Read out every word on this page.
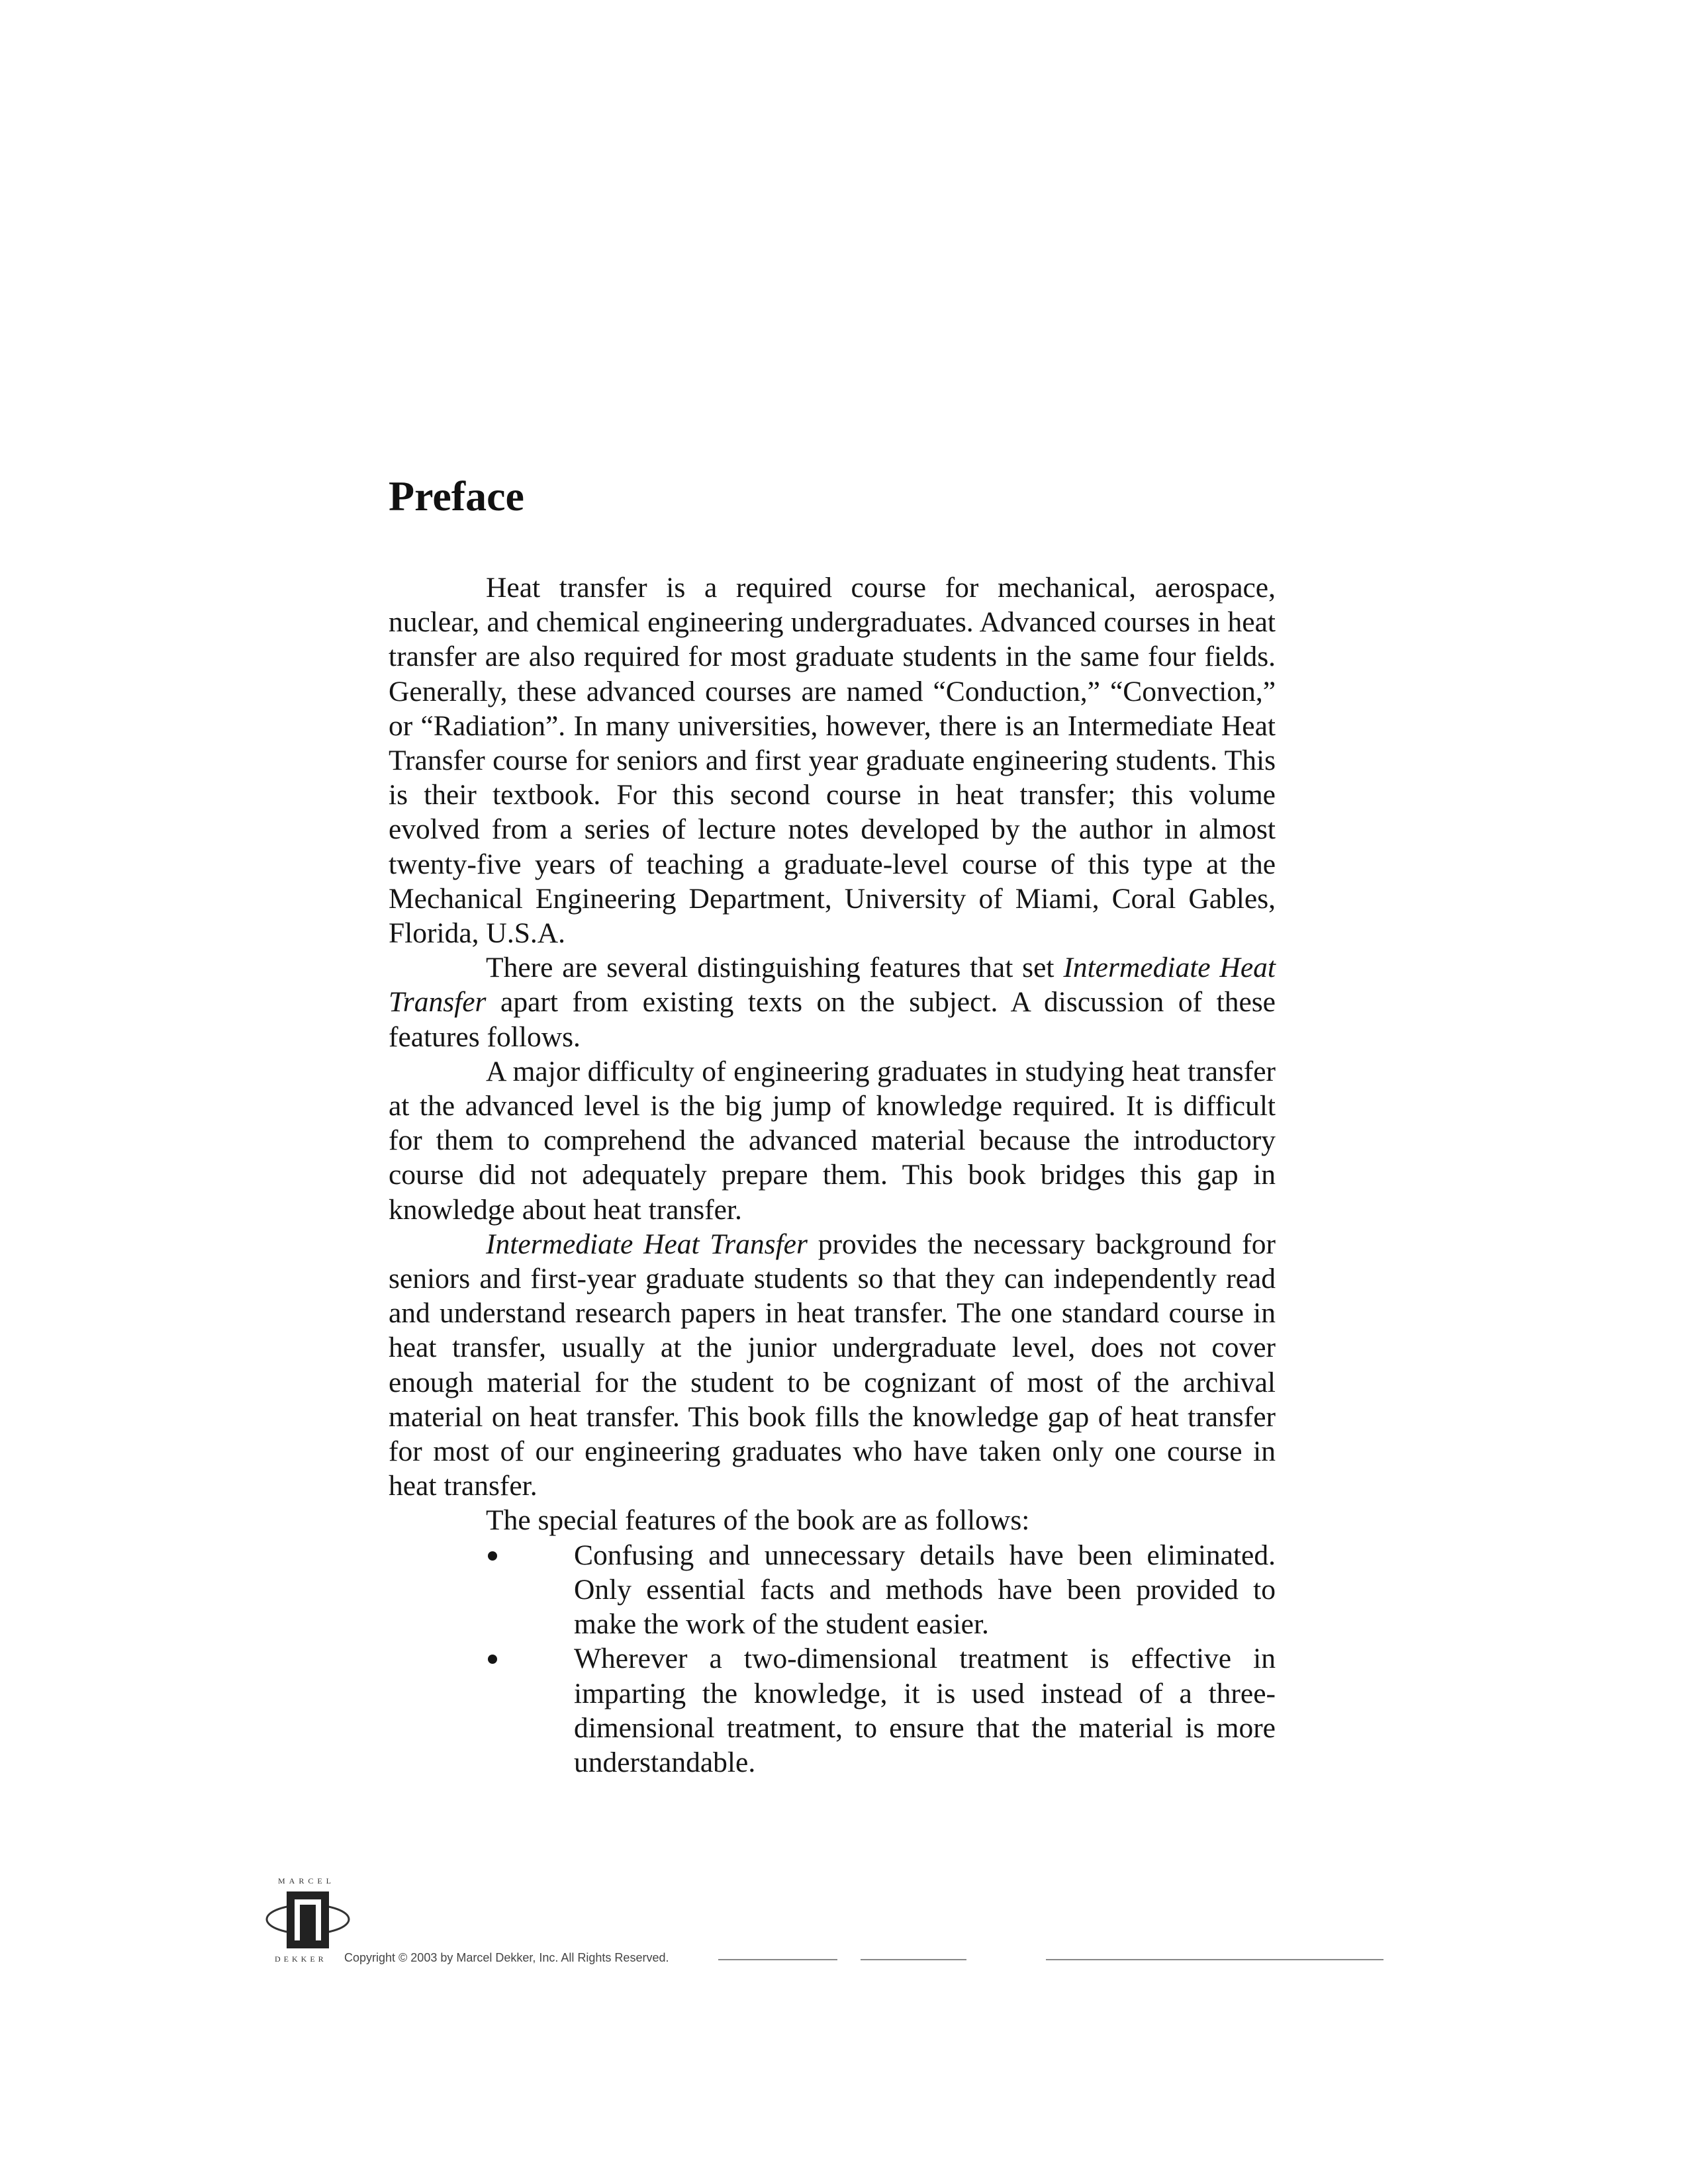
Preface

Heat transfer is a required course for mechanical, aerospace, nuclear, and chemical engineering undergraduates. Advanced courses in heat transfer are also required for most graduate students in the same four fields. Generally, these advanced courses are named “Conduction,” “Convection,” or “Radiation”. In many universities, however, there is an Intermediate Heat Transfer course for seniors and first year graduate engineering students. This is their textbook. For this second course in heat transfer; this volume evolved from a series of lecture notes developed by the author in almost twenty-five years of teaching a graduate-level course of this type at the Mechanical Engineering Department, University of Miami, Coral Gables, Florida, U.S.A.

There are several distinguishing features that set Intermediate Heat Transfer apart from existing texts on the subject. A discussion of these features follows.

A major difficulty of engineering graduates in studying heat transfer at the advanced level is the big jump of knowledge required. It is difficult for them to comprehend the advanced material because the introductory course did not adequately prepare them. This book bridges this gap in knowledge about heat transfer.

Intermediate Heat Transfer provides the necessary background for seniors and first-year graduate students so that they can independently read and understand research papers in heat transfer. The one standard course in heat transfer, usually at the junior undergraduate level, does not cover enough material for the student to be cognizant of most of the archival material on heat transfer. This book fills the knowledge gap of heat transfer for most of our engineering graduates who have taken only one course in heat transfer.

The special features of the book are as follows:

Confusing and unnecessary details have been eliminated. Only essential facts and methods have been provided to make the work of the student easier.
Wherever a two-dimensional treatment is effective in imparting the knowledge, it is used instead of a three-dimensional treatment, to ensure that the material is more understandable.
MARCEL
DEKKER Copyright © 2003 by Marcel Dekker, Inc. All Rights Reserved.
